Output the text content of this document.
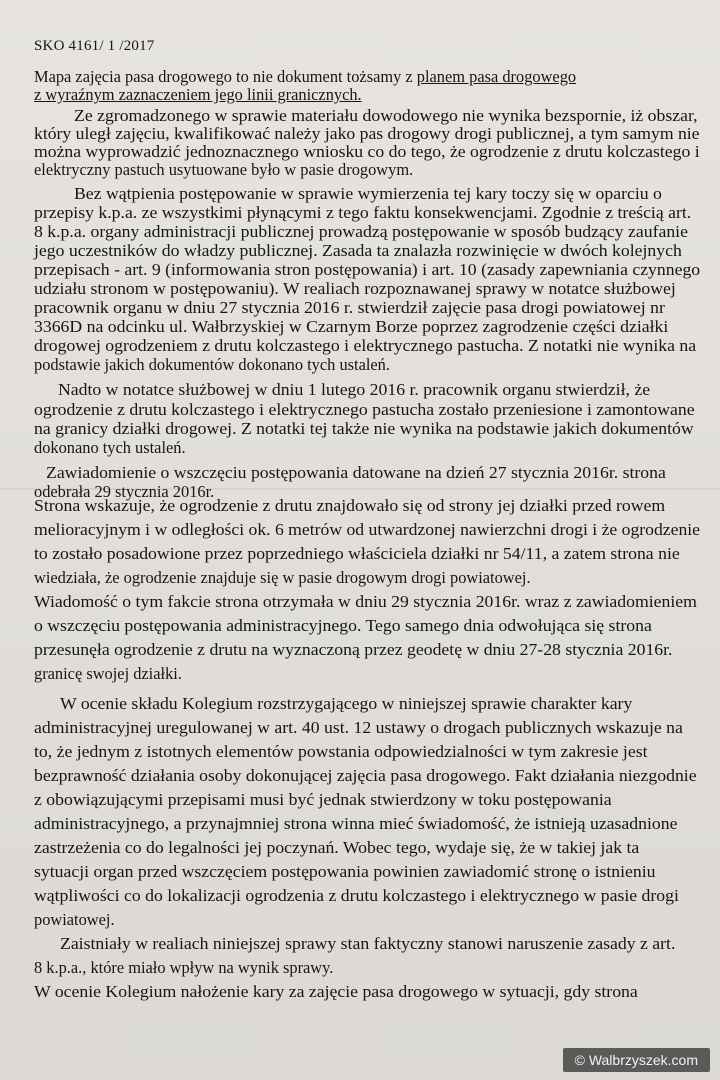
SKO 4161/ 1 /2017
Mapa zajęcia pasa drogowego to nie dokument tożsamy z planem pasa drogowego
z wyraźnym zaznaczeniem jego linii granicznych.
Ze zgromadzonego w sprawie materiału dowodowego nie wynika bezspornie, iż obszar,
który uległ zajęciu, kwalifikować należy jako pas drogowy drogi publicznej, a tym samym nie
można wyprowadzić jednoznacznego wniosku co do tego, że ogrodzenie z drutu kolczastego i
elektryczny pastuch usytuowane było w pasie drogowym.
Bez wątpienia postępowanie w sprawie wymierzenia tej kary toczy się w oparciu o
przepisy k.p.a. ze wszystkimi płynącymi z tego faktu konsekwencjami. Zgodnie z treścią art.
8 k.p.a. organy administracji publicznej prowadzą postępowanie w sposób budzący zaufanie
jego uczestników do władzy publicznej. Zasada ta znalazła rozwinięcie w dwóch kolejnych
przepisach - art. 9 (informowania stron postępowania) i art. 10 (zasady zapewniania czynnego
udziału stronom w postępowaniu). W realiach rozpoznawanej sprawy w notatce służbowej
pracownik organu w dniu 27 stycznia 2016 r. stwierdził zajęcie pasa drogi powiatowej nr
3366D na odcinku ul. Wałbrzyskiej w Czarnym Borze poprzez zagrodzenie części działki
drogowej ogrodzeniem z drutu kolczastego i elektrycznego pastucha. Z notatki nie wynika na
podstawie jakich dokumentów dokonano tych ustaleń.
Nadto w notatce służbowej w dniu 1 lutego 2016 r. pracownik organu stwierdził, że
ogrodzenie z drutu kolczastego i elektrycznego pastucha zostało przeniesione i zamontowane
na granicy działki drogowej. Z notatki tej także nie wynika na podstawie jakich dokumentów
dokonano tych ustaleń.
Zawiadomienie o wszczęciu postępowania datowane na dzień 27 stycznia 2016r. strona
odebrała 29 stycznia 2016r.
Strona wskazuje, że ogrodzenie z drutu znajdowało się od strony jej działki przed rowem
melioracyjnym i w odległości ok. 6 metrów od utwardzonej nawierzchni drogi i że ogrodzenie
to zostało posadowione przez poprzedniego właściciela działki nr 54/11, a zatem strona nie
wiedziała, że ogrodzenie znajduje się w pasie drogowym drogi powiatowej.
Wiadomość o tym fakcie strona otrzymała w dniu 29 stycznia 2016r. wraz z zawiadomieniem
o wszczęciu postępowania administracyjnego. Tego samego dnia odwołująca się strona
przesunęła ogrodzenie z drutu na wyznaczoną przez geodetę w dniu 27-28 stycznia 2016r.
granicę swojej działki.
W ocenie składu Kolegium rozstrzygającego w niniejszej sprawie charakter kary
administracyjnej uregulowanej w art. 40 ust. 12 ustawy o drogach publicznych wskazuje na
to, że jednym z istotnych elementów powstania odpowiedzialności w tym zakresie jest
bezprawność działania osoby dokonującej zajęcia pasa drogowego. Fakt działania niezgodnie
z obowiązującymi przepisami musi być jednak stwierdzony w toku postępowania
administracyjnego, a przynajmniej strona winna mieć świadomość, że istnieją uzasadnione
zastrzeżenia co do legalności jej poczynań. Wobec tego, wydaje się, że w takiej jak ta
sytuacji organ przed wszczęciem postępowania powinien zawiadomić stronę o istnieniu
wątpliwości co do lokalizacji ogrodzenia z drutu kolczastego i elektrycznego w pasie drogi
powiatowej.
Zaistniały w realiach niniejszej sprawy stan faktyczny stanowi naruszenie zasady z art.
8 k.p.a., które miało wpływ na wynik sprawy.
W ocenie Kolegium nałożenie kary za zajęcie pasa drogowego w sytuacji, gdy strona
© Walbrzyszek.com
